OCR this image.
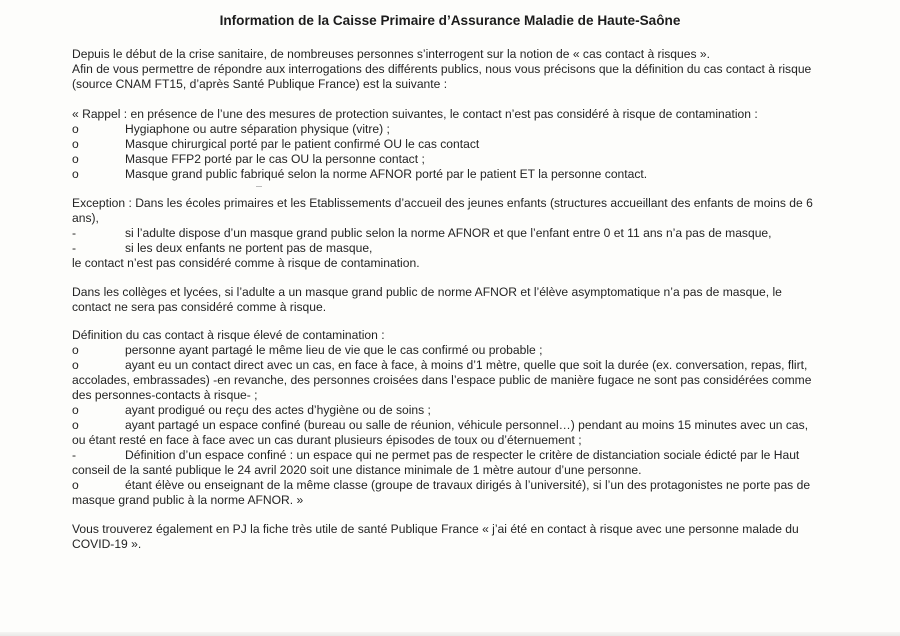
Information de la Caisse Primaire d’Assurance Maladie de Haute-Saône
Depuis le début de la crise sanitaire, de nombreuses personnes s’interrogent sur la notion de « cas contact à risques ».
Afin de vous permettre de répondre aux interrogations des différents publics, nous vous précisons que la définition du cas contact à risque
(source CNAM FT15, d’après Santé Publique France) est la suivante :
« Rappel : en présence de l’une des mesures de protection suivantes, le contact n’est pas considéré à risque de contamination :
o	Hygiaphone ou autre séparation physique (vitre) ;
o	Masque chirurgical porté par le patient confirmé OU le cas contact
o	Masque FFP2 porté par le cas OU la personne contact ;
o	Masque grand public fabriqué selon la norme AFNOR porté par le patient ET la personne contact.
Exception : Dans les écoles primaires et les Etablissements d’accueil des jeunes enfants (structures accueillant des enfants de moins de 6
ans),
-	si l’adulte dispose d’un masque grand public selon la norme AFNOR et que l’enfant entre 0 et 11 ans n’a pas de masque,
-	si les deux enfants ne portent pas de masque,
le contact n’est pas considéré comme à risque de contamination.
Dans les collèges et lycées, si l’adulte a un masque grand public de norme AFNOR et l’élève asymptomatique n’a pas de masque, le
contact ne sera pas considéré comme à risque.
Définition du cas contact à risque élevé de contamination :
o	personne ayant partagé le même lieu de vie que le cas confirmé ou probable ;
o	ayant eu un contact direct avec un cas, en face à face, à moins d’1 mètre, quelle que soit la durée (ex. conversation, repas, flirt,
accolades, embrassades) -en revanche, des personnes croisées dans l’espace public de manière fugace ne sont pas considérées comme
des personnes-contacts à risque- ;
o	ayant prodigué ou reçu des actes d’hygiène ou de soins ;
o	ayant partagé un espace confiné (bureau ou salle de réunion, véhicule personnel…) pendant au moins 15 minutes avec un cas,
ou étant resté en face à face avec un cas durant plusieurs épisodes de toux ou d’éternuement ;
-	Définition d’un espace confiné : un espace qui ne permet pas de respecter le critère de distanciation sociale édicté par le Haut
conseil de la santé publique le 24 avril 2020 soit une distance minimale de 1 mètre autour d’une personne.
o	étant élève ou enseignant de la même classe (groupe de travaux dirigés à l’université), si l’un des protagonistes ne porte pas de
masque grand public à la norme AFNOR. »
Vous trouverez également en PJ la fiche très utile de santé Publique France « j’ai été en contact à risque avec une personne malade du
COVID-19 ».
